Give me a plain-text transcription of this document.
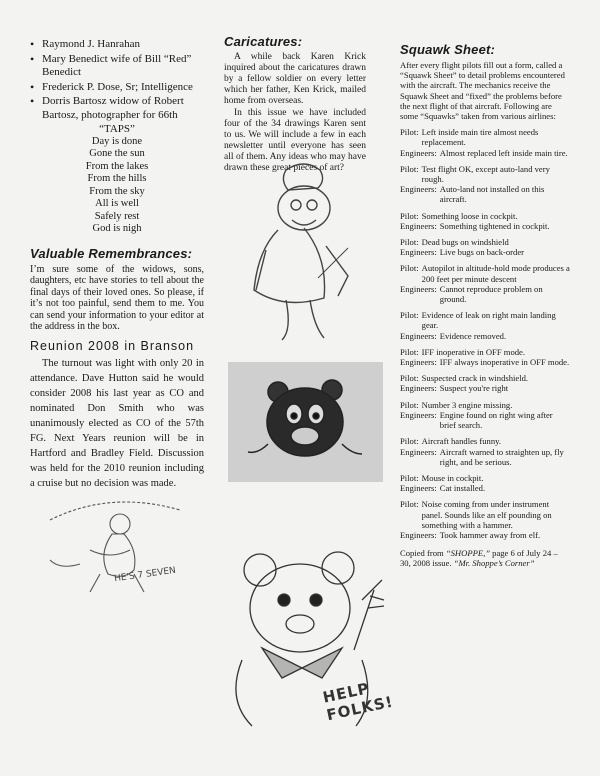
• Raymond J. Hanrahan
• Mary Benedict wife of Bill “Red” Benedict
• Frederick P. Dose, Sr; Intelligence
• Dorris Bartosz widow of Robert Bartosz, photographer for 66th
“TAPS”
Day is done
Gone the sun
From the lakes
From the hills
From the sky
All is well
Safely rest
God is nigh
Valuable Remembrances:
I’m sure some of the widows, sons, daughters, etc have stories to tell about the final days of their loved ones. So please, if it’s not too painful, send them to me. You can send your information to your editor at the address in the box.
Reunion 2008 in Branson

The turnout was light with only 20 in attendance. Dave Hutton said he would consider 2008 his last year as CO and nominated Don Smith who was unanimously elected as CO of the 57th FG. Next Years reunion will be in Hartford and Bradley Field. Discussion was held for the 2010 reunion including a cruise but no decision was made.

Caricatures:

A while back Karen Krick inquired about the caricatures drawn by a fellow soldier on every letter which her father, Ken Krick, mailed home from overseas.

In this issue we have included four of the 34 drawings Karen sent to us. We will include a few in each newsletter until everyone has seen all of them. Any ideas who may have drawn these great pieces of art?

HE'S 7 SEVEN
HELP FOLKS!
Squawk Sheet:

After every flight pilots fill out a form, called a “Squawk Sheet” to detail problems encountered with the aircraft. The mechanics receive the Squawk Sheet and “fixed” the problems before the next flight of that aircraft. Following are some “Squawks” taken from various airlines:

Pilot: Left inside main tire almost needs replacement.
Engineers: Almost replaced left inside main tire.
Pilot: Test flight OK, except auto-land very rough.
Engineers: Auto-land not installed on this aircraft.
Pilot: Something loose in cockpit.
Engineers: Something tightened in cockpit.
Pilot: Dead bugs on windshield
Engineers: Live bugs on back-order
Pilot: Autopilot in altitude-hold mode produces a 200 feet per minute descent
Engineers: Cannot reproduce problem on ground.
Pilot: Evidence of leak on right main landing gear.
Engineers: Evidence removed.
Pilot: IFF inoperative in OFF mode.
Engineers: IFF always inoperative in OFF mode.
Pilot: Suspected crack in windshield.
Engineers: Suspect you're right
Pilot: Number 3 engine missing.
Engineers: Engine found on right wing after brief search.
Pilot: Aircraft handles funny.
Engineers: Aircraft warned to straighten up, fly right, and be serious.
Pilot: Mouse in cockpit.
Engineers: Cat installed.
Pilot: Noise coming from under instrument panel. Sounds like an elf pounding on something with a hammer.
Engineers: Took hammer away from elf.
Copied from “SHOPPE,” page 6 of July 24 – 30, 2008 issue. “Mr. Shoppe’s Corner”
